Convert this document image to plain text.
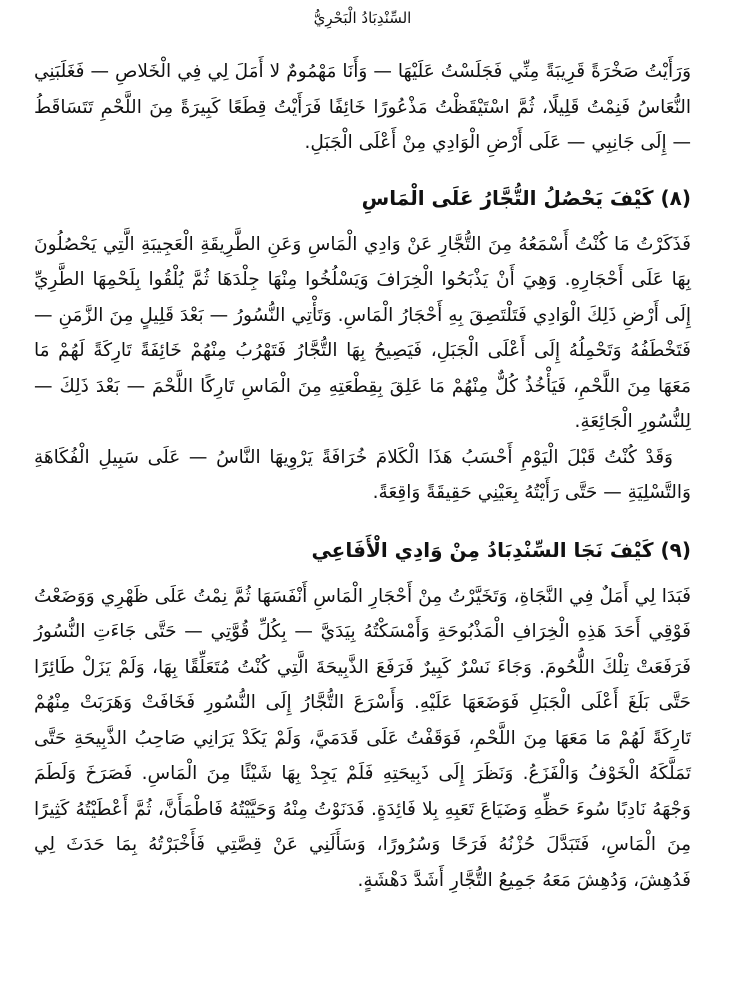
السِّنْدِبَادُ الْبَحْرِيُّ

وَرَأَيْتُ صَخْرَةً قَرِيبَةً مِنِّي فَجَلَسْتُ عَلَيْهَا — وَأَنَا مَهْمُومٌ لا أَمَلَ لِي فِي الْخَلاصِ — فَغَلَبَنِي النُّعَاسُ فَنِمْتُ قَلِيلًا، ثُمَّ اسْتَيْقَظْتُ مَذْعُورًا خَائِفًا فَرَأَيْتُ قِطَعًا كَبِيرَةً مِنَ اللَّحْمِ تَتَسَاقَطُ — إِلَى جَانِبِي — عَلَى أَرْضِ الْوَادِي مِنْ أَعْلَى الْجَبَلِ.

(٨) كَيْفَ يَحْصُلُ التُّجَّارُ عَلَى الْمَاسِ

فَذَكَرْتُ مَا كُنْتُ أَسْمَعُهُ مِنَ التُّجَّارِ عَنْ وَادِي الْمَاسِ وَعَنِ الطَّرِيقَةِ الْعَجِيبَةِ الَّتِي يَحْصُلُونَ بِهَا عَلَى أَحْجَارِهِ. وَهِيَ أَنْ يَذْبَحُوا الْخِرَافَ وَيَسْلُخُوا مِنْهَا جِلْدَهَا ثُمَّ يُلْقُوا بِلَحْمِهَا الطَّرِيِّ إِلَى أَرْضِ ذَلِكَ الْوَادِي فَتَلْتَصِقَ بِهِ أَحْجَارُ الْمَاسِ. وَتَأْتِي النُّسُورُ — بَعْدَ قَلِيلٍ مِنَ الزَّمَنِ — فَتَخْطَفُهُ وَتَحْمِلُهُ إِلَى أَعْلَى الْجَبَلِ، فَيَصِيحُ بِهَا التُّجَّارُ فَتَهْرُبُ مِنْهُمْ خَائِفَةً تَارِكَةً لَهُمْ مَا مَعَهَا مِنَ اللَّحْمِ، فَيَأْخُذُ كُلٌّ مِنْهُمْ مَا عَلِقَ بِقِطْعَتِهِ مِنَ الْمَاسِ تَارِكًا اللَّحْمَ — بَعْدَ ذَلِكَ — لِلنُّسُورِ الْجَائِعَةِ.

وَقَدْ كُنْتُ قَبْلَ الْيَوْمِ أَحْسَبُ هَذَا الْكَلامَ خُرَافَةً يَرْوِيهَا النَّاسُ — عَلَى سَبِيلِ الْفُكَاهَةِ وَالتَّسْلِيَةِ — حَتَّى رَأَيْتُهُ بِعَيْنِي حَقِيقَةً وَاقِعَةً.

(٩) كَيْفَ نَجَا السِّنْدِبَادُ مِنْ وَادِي الْأَفَاعِي

فَبَدَا لِي أَمَلٌ فِي النَّجَاةِ، وَتَخَيَّرْتُ مِنْ أَحْجَارِ الْمَاسِ أَنْفَسَهَا ثُمَّ نِمْتُ عَلَى ظَهْرِي وَوَضَعْتُ فَوْقِي أَحَدَ هَذِهِ الْخِرَافِ الْمَذْبُوحَةِ وَأَمْسَكْتُهُ بِيَدَيَّ — بِكُلِّ قُوَّتِي — حَتَّى جَاءَتِ النُّسُورُ فَرَفَعَتْ تِلْكَ اللُّحُومَ. وَجَاءَ نَسْرٌ كَبِيرٌ فَرَفَعَ الذَّبِيحَةَ الَّتِي كُنْتُ مُتَعَلِّقًا بِهَا، وَلَمْ يَزَلْ طَائِرًا حَتَّى بَلَغَ أَعْلَى الْجَبَلِ فَوَضَعَهَا عَلَيْهِ. وَأَسْرَعَ التُّجَّارُ إِلَى النُّسُورِ فَخَافَتْ وَهَرَبَتْ مِنْهُمْ تَارِكَةً لَهُمْ مَا مَعَهَا مِنَ اللَّحْمِ، فَوَقَفْتُ عَلَى قَدَمَيَّ، وَلَمْ يَكَدْ يَرَانِي صَاحِبُ الذَّبِيحَةِ حَتَّى تَمَلَّكَهُ الْخَوْفُ وَالْفَزَعُ. وَنَظَرَ إِلَى ذَبِيحَتِهِ فَلَمْ يَجِدْ بِهَا شَيْئًا مِنَ الْمَاسِ. فَصَرَخَ وَلَطَمَ وَجْهَهُ نَادِبًا سُوءَ حَظِّهِ وَضَيَاعَ تَعَبِهِ بِلا فَائِدَةٍ. فَدَنَوْتُ مِنْهُ وَحَيَّيْتُهُ فَاطْمَأَنَّ، ثُمَّ أَعْطَيْتُهُ كَثِيرًا مِنَ الْمَاسِ، فَتَبَدَّلَ حُزْنُهُ فَرَحًا وَسُرُورًا، وَسَأَلَنِي عَنْ قِصَّتِي فَأَخْبَرْتُهُ بِمَا حَدَثَ لِي فَدُهِشَ، وَدُهِشَ مَعَهُ جَمِيعُ التُّجَّارِ أَشَدَّ دَهْشَةٍ.
